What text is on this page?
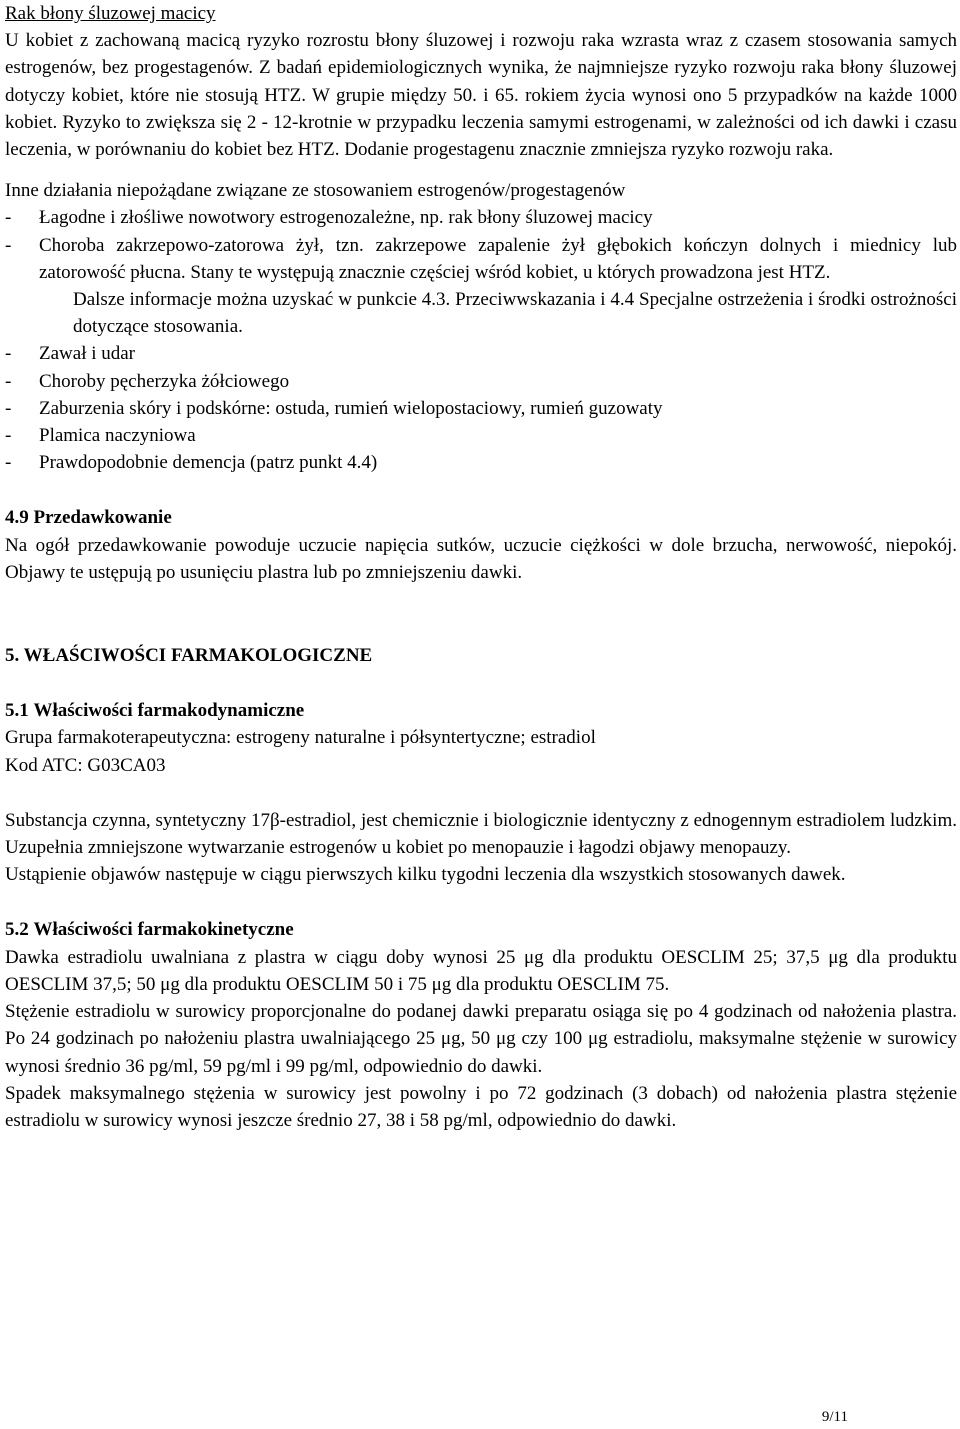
Rak błony śluzowej macicy

U kobiet z zachowaną macicą ryzyko rozrostu błony śluzowej i rozwoju raka wzrasta wraz z czasem stosowania samych estrogenów, bez progestagenów. Z badań epidemiologicznych wynika, że najmniejsze ryzyko rozwoju raka błony śluzowej dotyczy kobiet, które nie stosują HTZ. W grupie między 50. i 65. rokiem życia wynosi ono 5 przypadków na każde 1000 kobiet. Ryzyko to zwiększa się 2 - 12-krotnie w przypadku leczenia samymi estrogenami, w zależności od ich dawki i czasu leczenia, w porównaniu do kobiet bez HTZ. Dodanie progestagenu znacznie zmniejsza ryzyko rozwoju raka.

Inne działania niepożądane związane ze stosowaniem estrogenów/progestagenów

-	Łagodne i złośliwe nowotwory estrogenozależne, np. rak błony śluzowej macicy
-	Choroba zakrzepowo-zatorowa żył, tzn. zakrzepowe zapalenie żył głębokich kończyn dolnych i miednicy lub zatorowość płucna. Stany te występują znacznie częściej wśród kobiet, u których prowadzona jest HTZ.

Dalsze informacje można uzyskać w punkcie 4.3. Przeciwwskazania i 4.4 Specjalne ostrzeżenia i środki ostrożności dotyczące stosowania.

-	Zawał i udar
-	Choroby pęcherzyka żółciowego
-	Zaburzenia skóry i podskórne: ostuda, rumień wielopostaciowy, rumień guzowaty
-	Plamica naczyniowa
-	Prawdopodobnie demencja (patrz punkt 4.4)

4.9 Przedawkowanie

Na ogół przedawkowanie powoduje uczucie napięcia sutków, uczucie ciężkości w dole brzucha, nerwowość, niepokój. Objawy te ustępują po usunięciu plastra lub po zmniejszeniu dawki.

5. WŁAŚCIWOŚCI FARMAKOLOGICZNE

5.1 Właściwości farmakodynamiczne

Grupa farmakoterapeutyczna: estrogeny naturalne i półsyntertyczne; estradiol

Kod ATC: G03CA03

Substancja czynna, syntetyczny 17β-estradiol, jest chemicznie i biologicznie identyczny z ednogennym estradiolem ludzkim. Uzupełnia zmniejszone wytwarzanie estrogenów u kobiet po menopauzie i łagodzi objawy menopauzy.

Ustąpienie objawów następuje w ciągu pierwszych kilku tygodni leczenia dla wszystkich stosowanych dawek.

5.2 Właściwości farmakokinetyczne

Dawka estradiolu uwalniana z plastra w ciągu doby wynosi 25 μg dla produktu OESCLIM 25; 37,5 μg dla produktu OESCLIM 37,5; 50 μg dla produktu OESCLIM 50 i 75 μg dla produktu OESCLIM 75.

Stężenie estradiolu w surowicy proporcjonalne do podanej dawki preparatu osiąga się po 4 godzinach od nałożenia plastra. Po 24 godzinach po nałożeniu plastra uwalniającego 25 μg, 50 μg czy 100 μg estradiolu, maksymalne stężenie w surowicy wynosi średnio 36 pg/ml, 59 pg/ml i 99 pg/ml, odpowiednio do dawki.

Spadek maksymalnego stężenia w surowicy jest powolny i po 72 godzinach (3 dobach) od nałożenia plastra stężenie estradiolu w surowicy wynosi jeszcze średnio 27, 38 i 58 pg/ml, odpowiednio do dawki.

9/11
